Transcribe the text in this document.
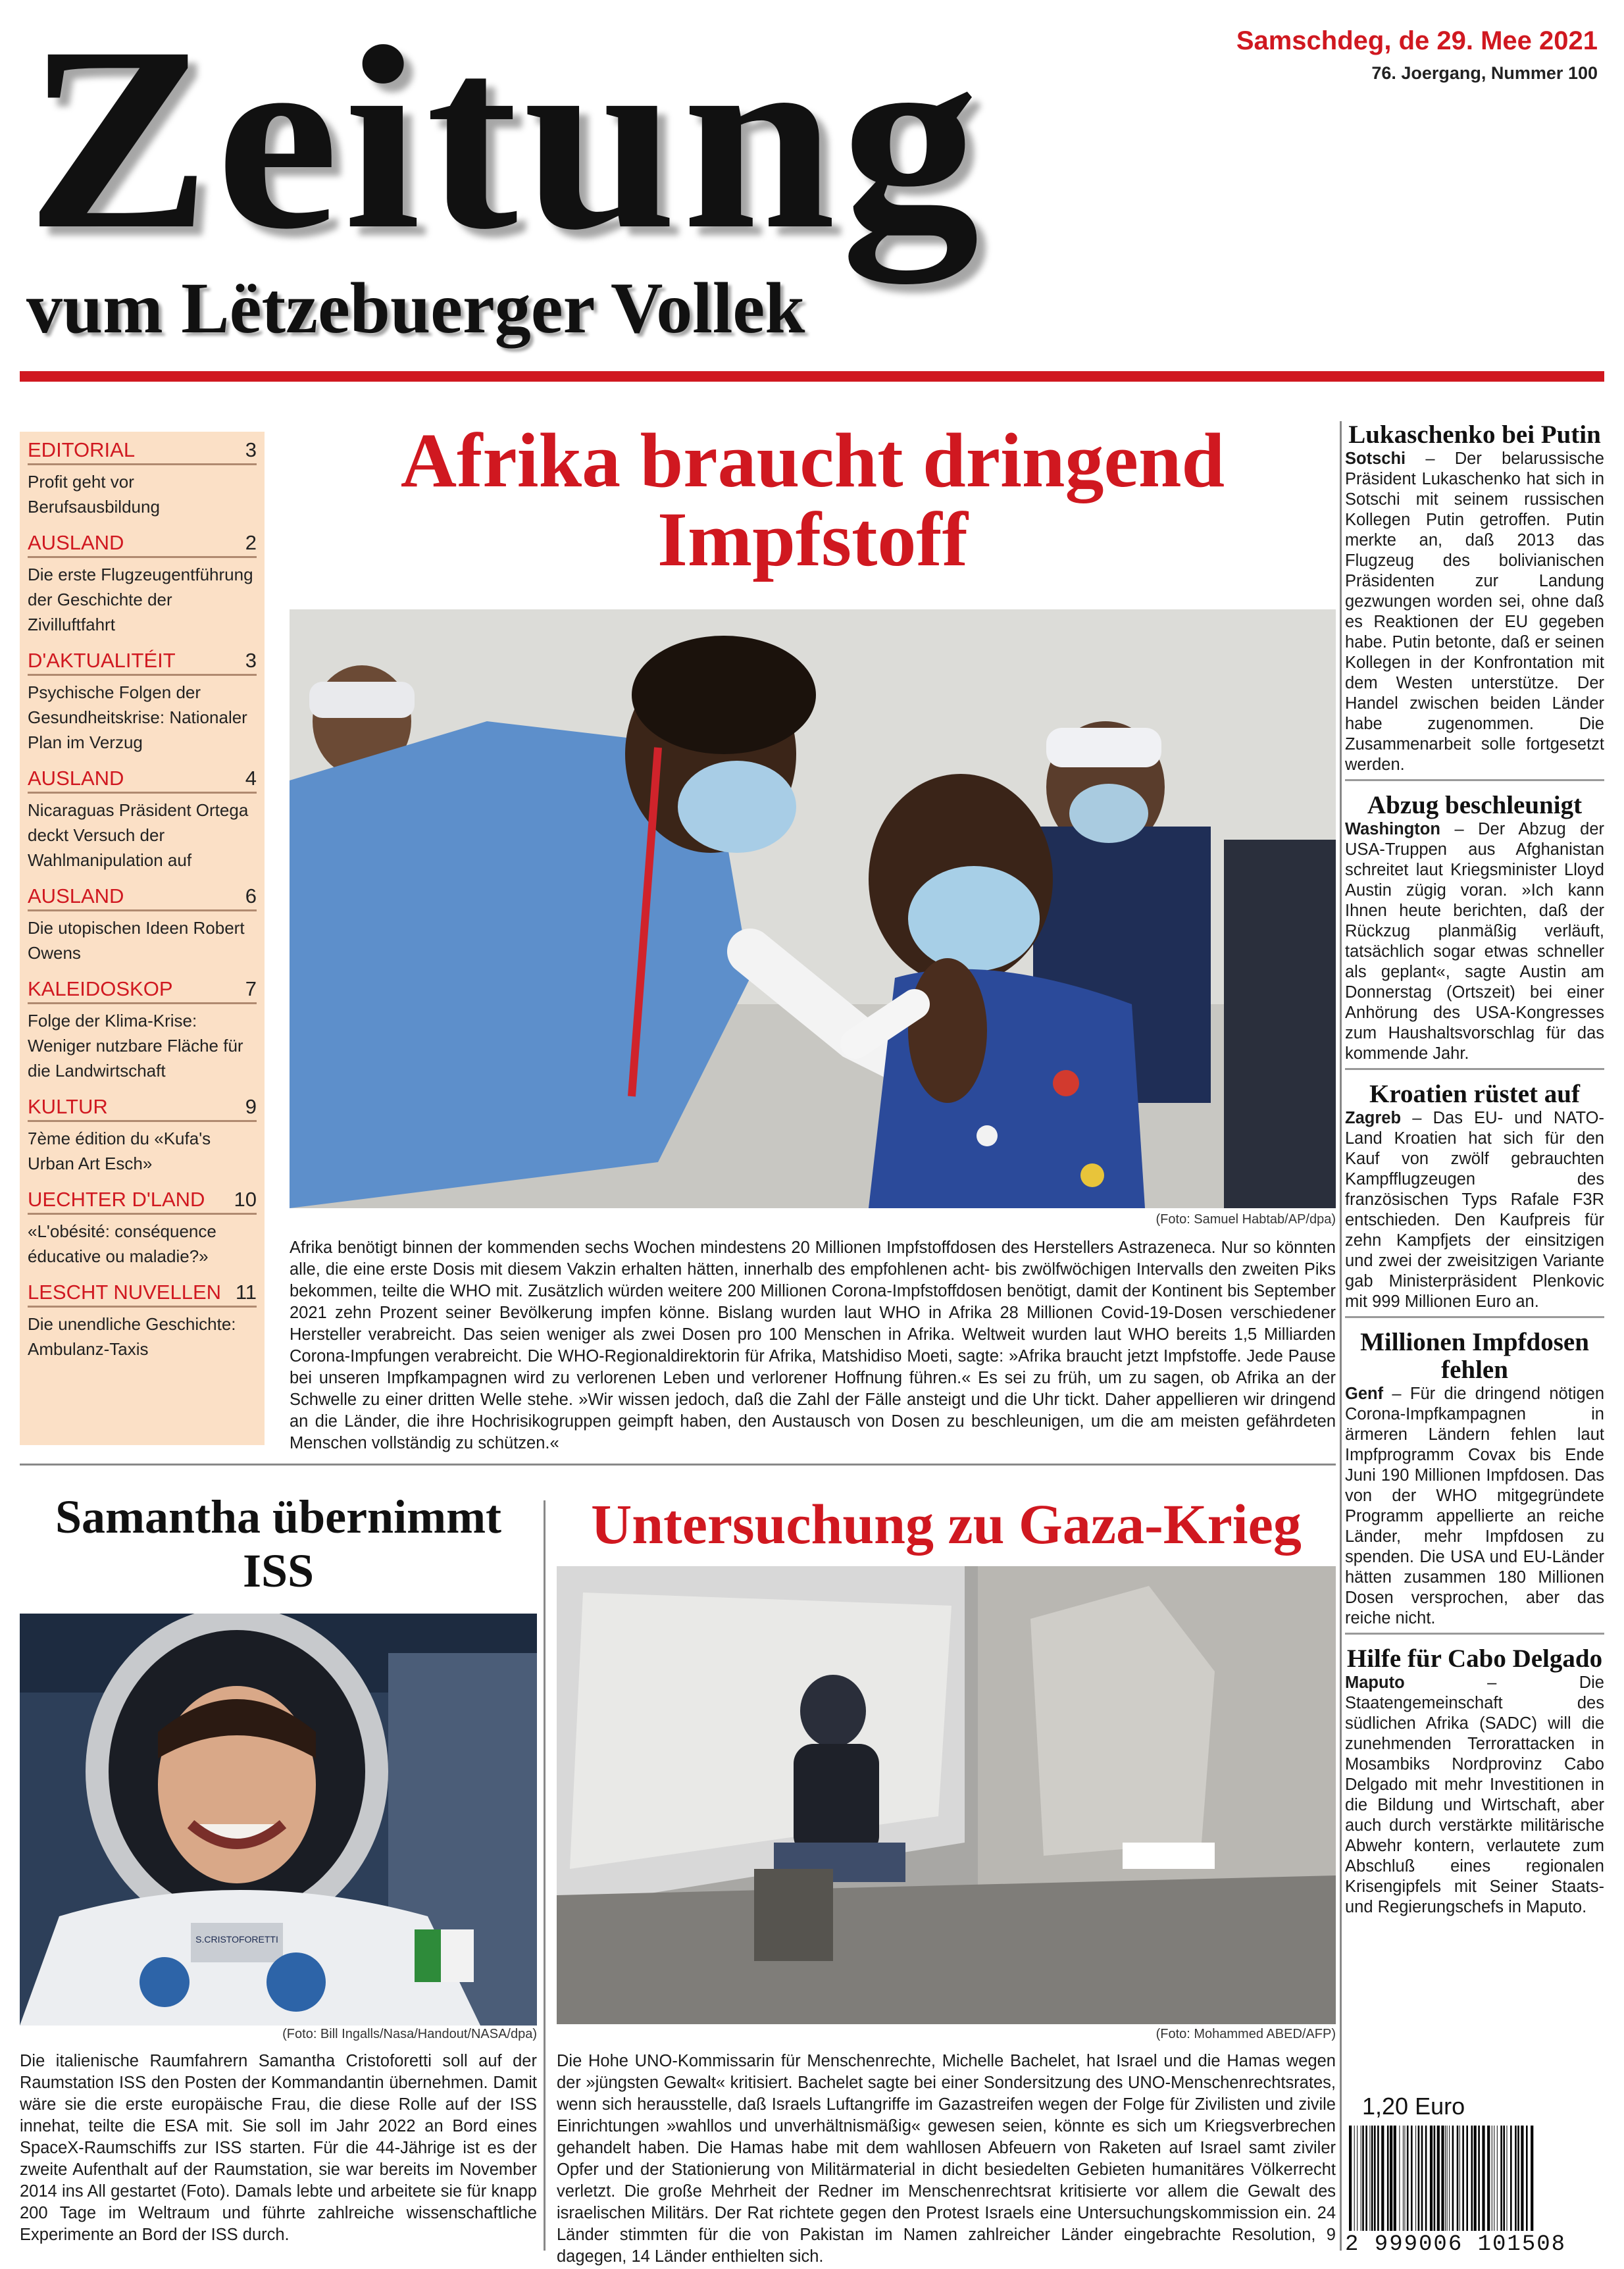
Zeitung
vum Lëtzebuerger Vollek
Samschdeg, de 29. Mee 2021
76. Joergang, Nummer 100
EDITORIAL	3
Profit geht vor Berufsausbildung
AUSLAND	2
Die erste Flugzeugentführung der Geschichte der Zivilluftfahrt
D'AKTUALITÉIT	3
Psychische Folgen der Gesundheitskrise: Nationaler Plan im Verzug
AUSLAND	4
Nicaraguas Präsident Ortega deckt Versuch der Wahlmanipulation auf
AUSLAND	6
Die utopischen Ideen Robert Owens
KALEIDOSKOP	7
Folge der Klima-Krise: Weniger nutzbare Fläche für die Landwirtschaft
KULTUR	9
7ème édition du «Kufa's Urban Art Esch»
UECHTER D'LAND 10
«L'obésité: conséquence éducative ou maladie?»
LESCHT NUVELLEN 11
Die unendliche Geschichte: Ambulanz-Taxis
Afrika braucht dringend Impfstoff
(Foto: Samuel Habtab/AP/dpa)
Afrika benötigt binnen der kommenden sechs Wochen mindestens 20 Millionen Impfstoffdosen des Herstellers Astrazeneca. Nur so könnten alle, die eine erste Dosis mit diesem Vakzin erhalten hätten, innerhalb des empfohlenen acht- bis zwölfwöchigen Intervalls den zweiten Piks bekommen, teilte die WHO mit. Zusätzlich würden weitere 200 Millionen Corona-Impfstoffdosen benötigt, damit der Kontinent bis September 2021 zehn Prozent seiner Bevölkerung impfen könne. Bislang wurden laut WHO in Afrika 28 Millionen Covid-19-Dosen verschiedener Hersteller verabreicht. Das seien weniger als zwei Dosen pro 100 Menschen in Afrika. Weltweit wurden laut WHO bereits 1,5 Milliarden Corona-Impfungen verabreicht. Die WHO-Regionaldirektorin für Afrika, Matshidiso Moeti, sagte: »Afrika braucht jetzt Impfstoffe. Jede Pause bei unseren Impfkampagnen wird zu verlorenen Leben und verlorener Hoffnung führen.« Es sei zu früh, um zu sagen, ob Afrika an der Schwelle zu einer dritten Welle stehe. »Wir wissen jedoch, daß die Zahl der Fälle ansteigt und die Uhr tickt. Daher appellieren wir dringend an die Länder, die ihre Hochrisikogruppen geimpft haben, den Austausch von Dosen zu beschleunigen, um die am meisten gefährdeten Menschen vollständig zu schützen.«
Lukaschenko bei Putin
Sotschi – Der belarussische Präsident Lukaschenko hat sich in Sotschi mit seinem russischen Kollegen Putin getroffen. Putin merkte an, daß 2013 das Flugzeug des bolivianischen Präsidenten zur Landung gezwungen worden sei, ohne daß es Reaktionen der EU gegeben habe. Putin betonte, daß er seinen Kollegen in der Konfrontation mit dem Westen unterstütze. Der Handel zwischen beiden Länder habe zugenommen. Die Zusammenarbeit solle fortgesetzt werden.
Abzug beschleunigt
Washington – Der Abzug der USA-Truppen aus Afghanistan schreitet laut Kriegsminister Lloyd Austin zügig voran. »Ich kann Ihnen heute berichten, daß der Rückzug planmäßig verläuft, tatsächlich sogar etwas schneller als geplant«, sagte Austin am Donnerstag (Ortszeit) bei einer Anhörung des USA-Kongresses zum Haushaltsvorschlag für das kommende Jahr.
Kroatien rüstet auf
Zagreb – Das EU- und NATO-Land Kroatien hat sich für den Kauf von zwölf gebrauchten Kampfflugzeugen des französischen Typs Rafale F3R entschieden. Den Kaufpreis für zehn Kampfjets der einsitzigen und zwei der zweisitzigen Variante gab Ministerpräsident Plenkovic mit 999 Millionen Euro an.
Millionen Impfdosen fehlen
Genf – Für die dringend nötigen Corona-Impfkampagnen in ärmeren Ländern fehlen laut Impfprogramm Covax bis Ende Juni 190 Millionen Impfdosen. Das von der WHO mitgegründete Programm appellierte an reiche Länder, mehr Impfdosen zu spenden. Die USA und EU-Länder hätten zusammen 180 Millionen Dosen versprochen, aber das reiche nicht.
Hilfe für Cabo Delgado
Maputo – Die Staatengemeinschaft des südlichen Afrika (SADC) will die zunehmenden Terrorattacken in Mosambiks Nordprovinz Cabo Delgado mit mehr Investitionen in die Bildung und Wirtschaft, aber auch durch verstärkte militärische Abwehr kontern, verlautete zum Abschluß eines regionalen Krisengipfels mit Seiner Staats- und Regierungschefs in Maputo.
Samantha übernimmt ISS
S.CRISTOFORETTI
(Foto: Bill Ingalls/Nasa/Handout/NASA/dpa)
Die italienische Raumfahrern Samantha Cristoforetti soll auf der Raumstation ISS den Posten der Kommandantin übernehmen. Damit wäre sie die erste europäische Frau, die diese Rolle auf der ISS innehat, teilte die ESA mit. Sie soll im Jahr 2022 an Bord eines SpaceX-Raumschiffs zur ISS starten. Für die 44-Jährige ist es der zweite Aufenthalt auf der Raumstation, sie war bereits im November 2014 ins All gestartet (Foto). Damals lebte und arbeitete sie für knapp 200 Tage im Weltraum und führte zahlreiche wissenschaftliche Experimente an Bord der ISS durch.
Untersuchung zu Gaza-Krieg
(Foto: Mohammed ABED/AFP)
Die Hohe UNO-Kommissarin für Menschenrechte, Michelle Bachelet, hat Israel und die Hamas wegen der »jüngsten Gewalt« kritisiert. Bachelet sagte bei einer Sondersitzung des UNO-Menschenrechtsrates, wenn sich herausstelle, daß Israels Luftangriffe im Gazastreifen wegen der Folge für Zivilisten und zivile Einrichtungen »wahllos und unverhältnismäßig« gewesen seien, könnte es sich um Kriegsverbrechen gehandelt haben. Die Hamas habe mit dem wahllosen Abfeuern von Raketen auf Israel samt ziviler Opfer und der Stationierung von Militärmaterial in dicht besiedelten Gebieten humanitäres Völkerrecht verletzt. Die große Mehrheit der Redner im Menschenrechtsrat kritisierte vor allem die Gewalt des israelischen Militärs. Der Rat richtete gegen den Protest Israels eine Untersuchungskommission ein. 24 Länder stimmten für die von Pakistan im Namen zahlreicher Länder eingebrachte Resolution, 9 dagegen, 14 Länder enthielten sich.
1,20 Euro
2 999006 101508
